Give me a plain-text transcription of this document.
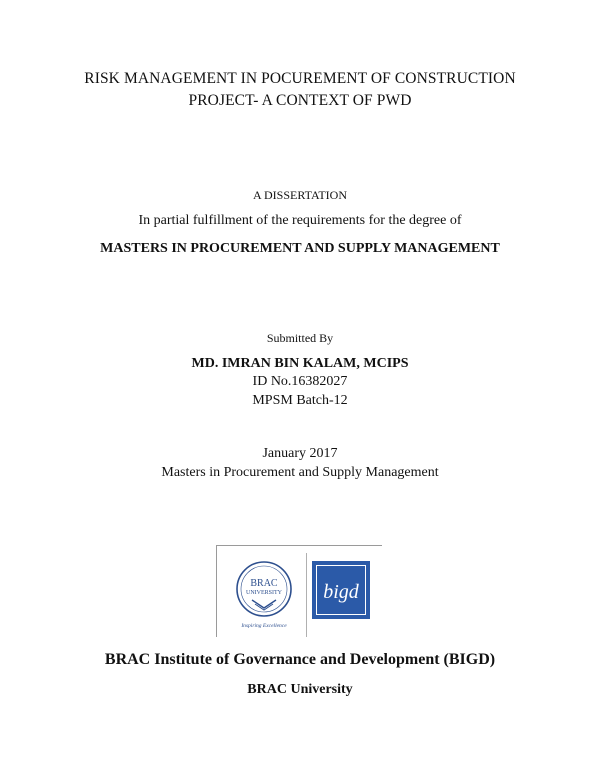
RISK MANAGEMENT IN POCUREMENT OF CONSTRUCTION
PROJECT- A CONTEXT OF PWD
A DISSERTATION
In partial fulfillment of the requirements for the degree of
MASTERS IN PROCUREMENT AND SUPPLY MANAGEMENT
Submitted By
MD. IMRAN BIN KALAM, MCIPS
ID No.16382027
MPSM Batch-12
January 2017
Masters in Procurement and Supply Management
BRAC
UNIVERSITY
Inspiring Excellence
bigd
BRAC Institute of Governance and Development (BIGD)
BRAC University
